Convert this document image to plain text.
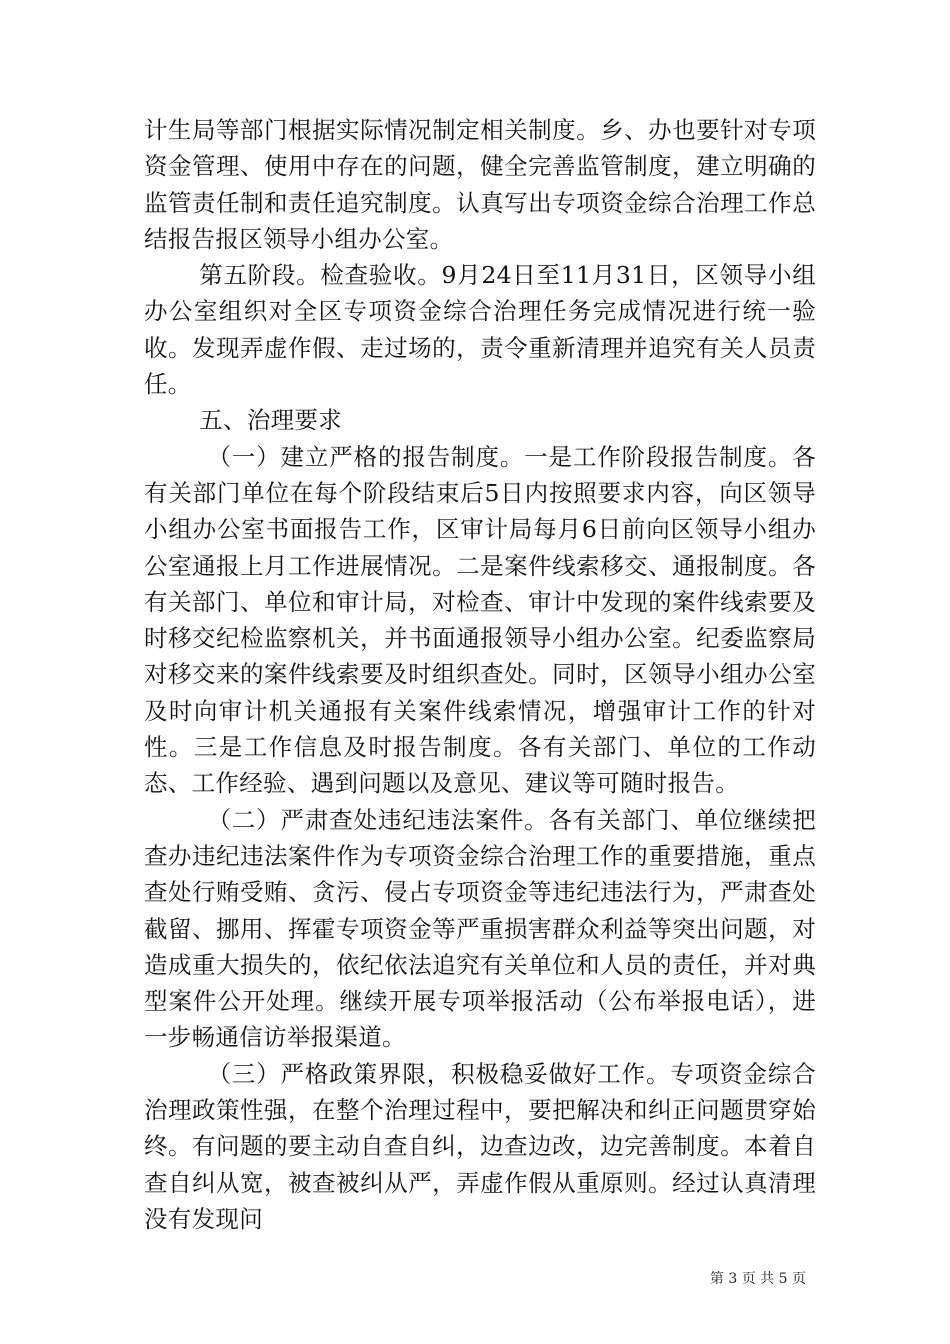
计生局等部门根据实际情况制定相关制度。乡、办也要针对专项资金管理、使用中存在的问题，健全完善监管制度，建立明确的监管责任制和责任追究制度。认真写出专项资金综合治理工作总结报告报区领导小组办公室。

第五阶段。检查验收。9月24日至11月31日，区领导小组办公室组织对全区专项资金综合治理任务完成情况进行统一验收。发现弄虚作假、走过场的，责令重新清理并追究有关人员责任。

五、治理要求

（一）建立严格的报告制度。一是工作阶段报告制度。各有关部门单位在每个阶段结束后5日内按照要求内容，向区领导小组办公室书面报告工作，区审计局每月6日前向区领导小组办公室通报上月工作进展情况。二是案件线索移交、通报制度。各有关部门、单位和审计局，对检查、审计中发现的案件线索要及时移交纪检监察机关，并书面通报领导小组办公室。纪委监察局对移交来的案件线索要及时组织查处。同时，区领导小组办公室及时向审计机关通报有关案件线索情况，增强审计工作的针对性。三是工作信息及时报告制度。各有关部门、单位的工作动态、工作经验、遇到问题以及意见、建议等可随时报告。

（二）严肃查处违纪违法案件。各有关部门、单位继续把查办违纪违法案件作为专项资金综合治理工作的重要措施，重点查处行贿受贿、贪污、侵占专项资金等违纪违法行为，严肃查处截留、挪用、挥霍专项资金等严重损害群众利益等突出问题，对造成重大损失的，依纪依法追究有关单位和人员的责任，并对典型案件公开处理。继续开展专项举报活动（公布举报电话），进一步畅通信访举报渠道。

（三）严格政策界限，积极稳妥做好工作。专项资金综合治理政策性强，在整个治理过程中，要把解决和纠正问题贯穿始终。有问题的要主动自查自纠，边查边改，边完善制度。本着自查自纠从宽，被查被纠从严，弄虚作假从重原则。经过认真清理没有发现问

第 3 页 共 5 页
